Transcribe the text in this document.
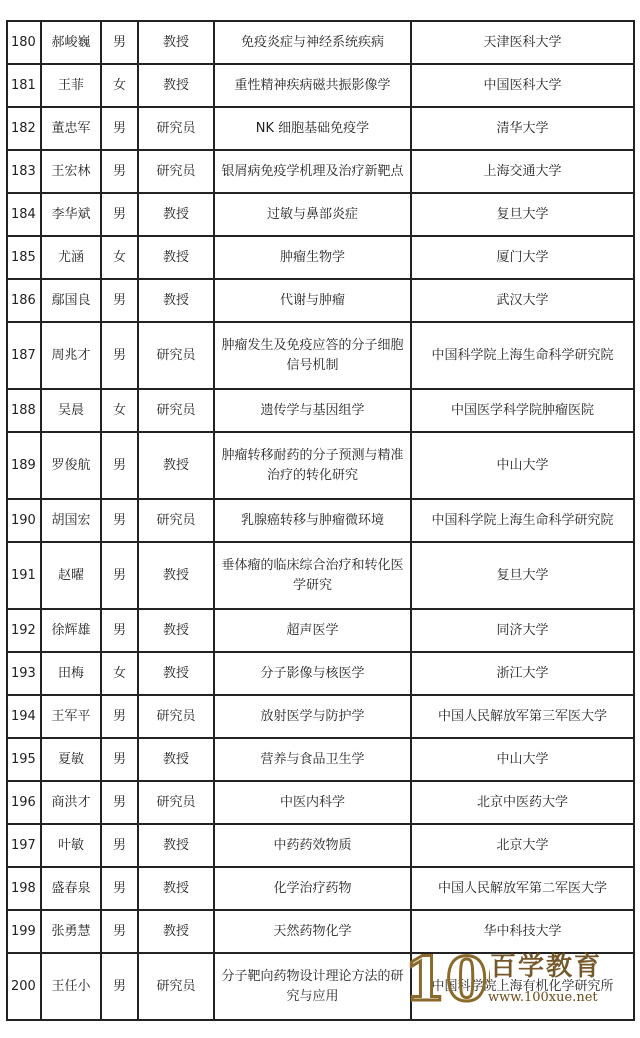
180	郝峻巍	男	教授	免疫炎症与神经系统疾病	天津医科大学
181	王菲	女	教授	重性精神疾病磁共振影像学	中国医科大学
182	董忠军	男	研究员	NK 细胞基础免疫学	清华大学
183	王宏林	男	研究员	银屑病免疫学机理及治疗新靶点	上海交通大学
184	李华斌	男	教授	过敏与鼻部炎症	复旦大学
185	尤涵	女	教授	肿瘤生物学	厦门大学
186	鄢国良	男	教授	代谢与肿瘤	武汉大学
187	周兆才	男	研究员	肿瘤发生及免疫应答的分子细胞信号机制	中国科学院上海生命科学研究院
188	吴晨	女	研究员	遗传学与基因组学	中国医学科学院肿瘤医院
189	罗俊航	男	教授	肿瘤转移耐药的分子预测与精准治疗的转化研究	中山大学
190	胡国宏	男	研究员	乳腺癌转移与肿瘤微环境	中国科学院上海生命科学研究院
191	赵曜	男	教授	垂体瘤的临床综合治疗和转化医学研究	复旦大学
192	徐辉雄	男	教授	超声医学	同济大学
193	田梅	女	教授	分子影像与核医学	浙江大学
194	王军平	男	研究员	放射医学与防护学	中国人民解放军第三军医大学
195	夏敏	男	教授	营养与食品卫生学	中山大学
196	商洪才	男	研究员	中医内科学	北京中医药大学
197	叶敏	男	教授	中药药效物质	北京大学
198	盛春泉	男	教授	化学治疗药物	中国人民解放军第二军医大学
199	张勇慧	男	教授	天然药物化学	华中科技大学
200	王任小	男	研究员	分子靶向药物设计理论方法的研究与应用	中国科学院上海有机化学研究所
10 百学教育
www.100xue.net
